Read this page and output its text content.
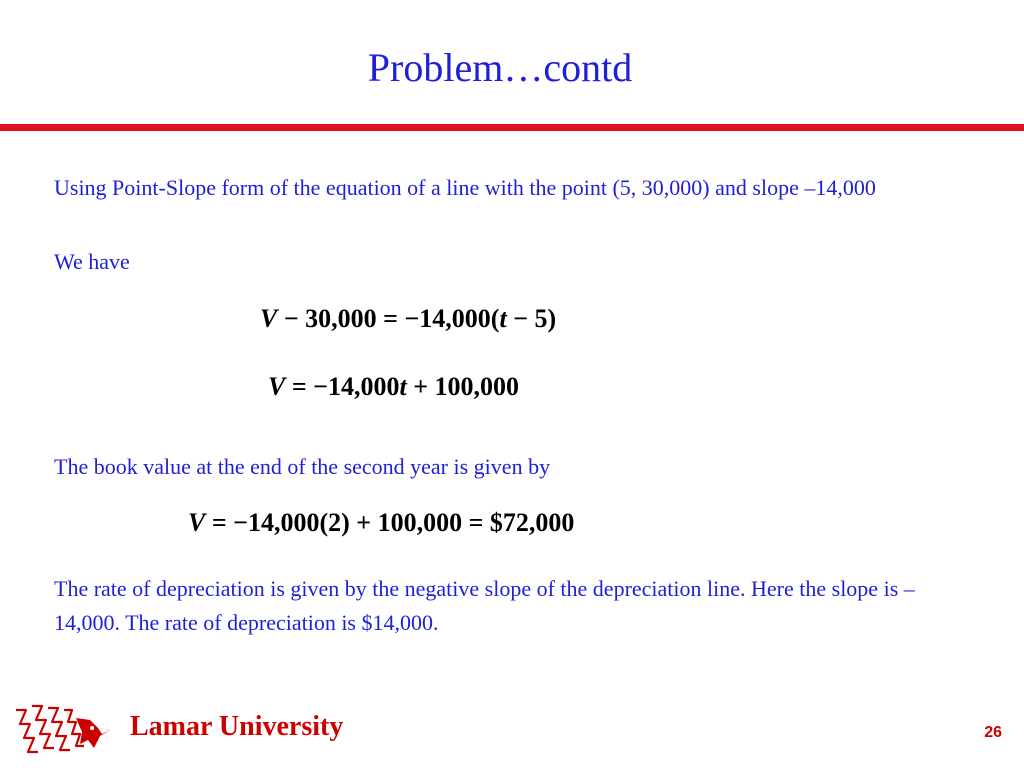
Problem…contd

Using Point-Slope form of the equation of a line with the point (5, 30,000) and slope –14,000

We have

V − 30,000 = −14,000(t − 5)
V = −14,000t + 100,000

The book value at the end of the second year is given by

V = −14,000(2) + 100,000 = $72,000

The rate of depreciation is given by the negative slope of the depreciation line. Here the slope is –14,000. The rate of depreciation is $14,000.

Lamar University	26
